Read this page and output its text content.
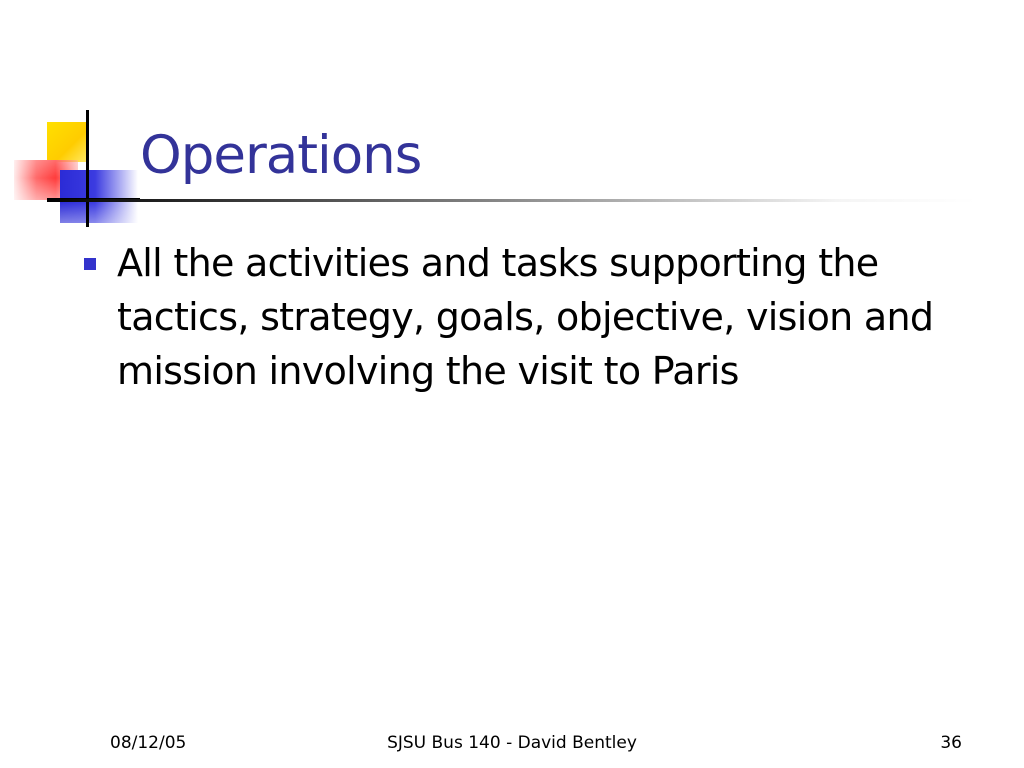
Operations
All the activities and tasks supporting the tactics, strategy, goals, objective, vision and mission involving the visit to Paris
08/12/05	SJSU Bus 140 - David Bentley	36
